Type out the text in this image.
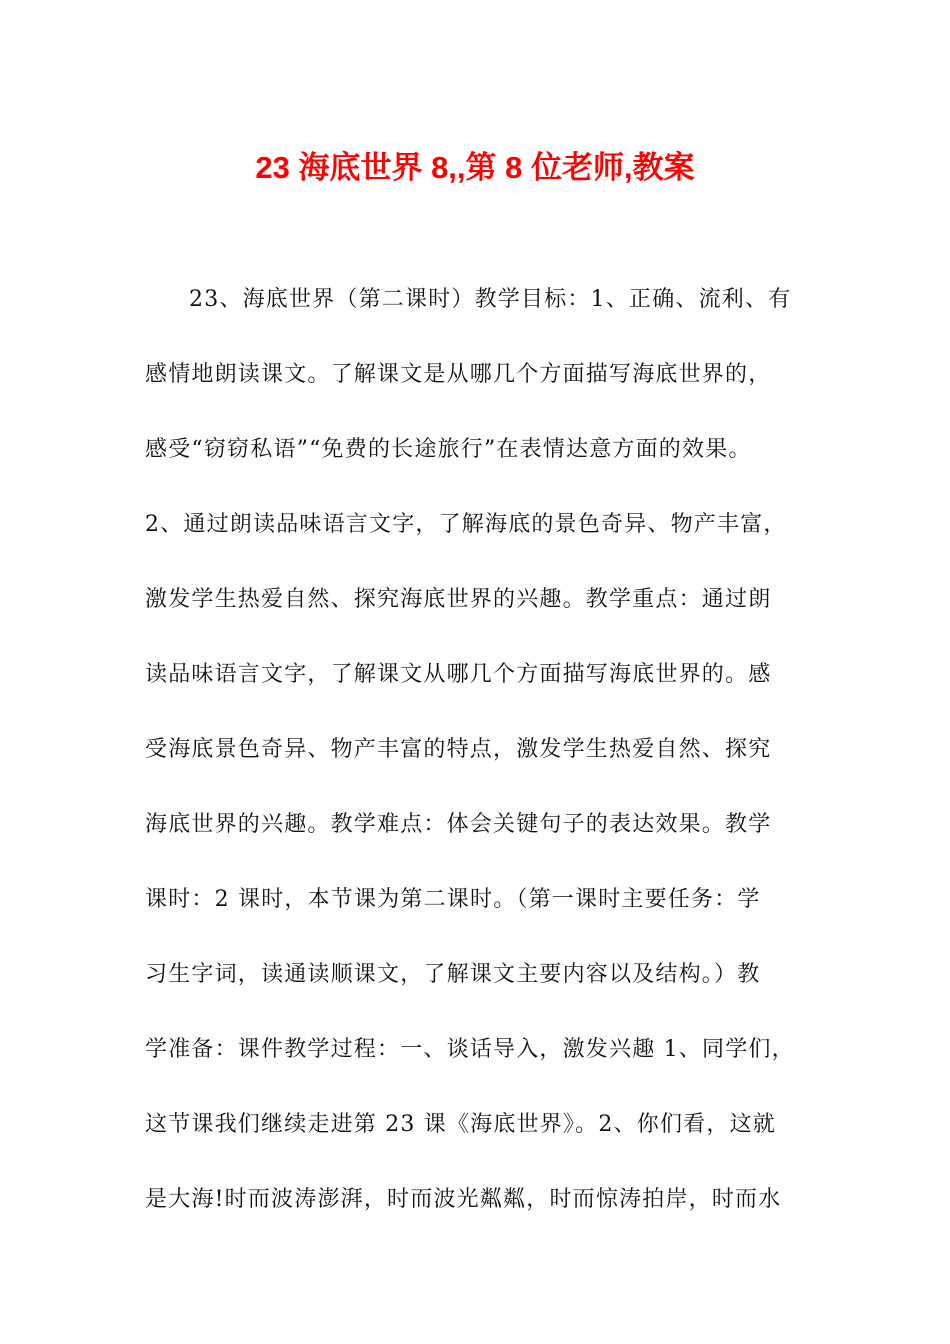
23 海底世界 8,,第 8 位老师,教案
23、海底世界（第二课时）教学目标：1、正确、流利、有
感情地朗读课文。了解课文是从哪几个方面描写海底世界的，
感受“窃窃私语”“免费的长途旅行”在表情达意方面的效果。
2、通过朗读品味语言文字，了解海底的景色奇异、物产丰富，
激发学生热爱自然、探究海底世界的兴趣。教学重点：通过朗
读品味语言文字，了解课文从哪几个方面描写海底世界的。感
受海底景色奇异、物产丰富的特点，激发学生热爱自然、探究
海底世界的兴趣。教学难点：体会关键句子的表达效果。教学
课时：2 课时，本节课为第二课时。（第一课时主要任务：学
习生字词，读通读顺课文，了解课文主要内容以及结构。）教
学准备：课件教学过程：一、谈话导入，激发兴趣 1、同学们，
这节课我们继续走进第 23 课《海底世界》。2、你们看，这就
是大海!时而波涛澎湃，时而波光粼粼，时而惊涛拍岸，时而水
